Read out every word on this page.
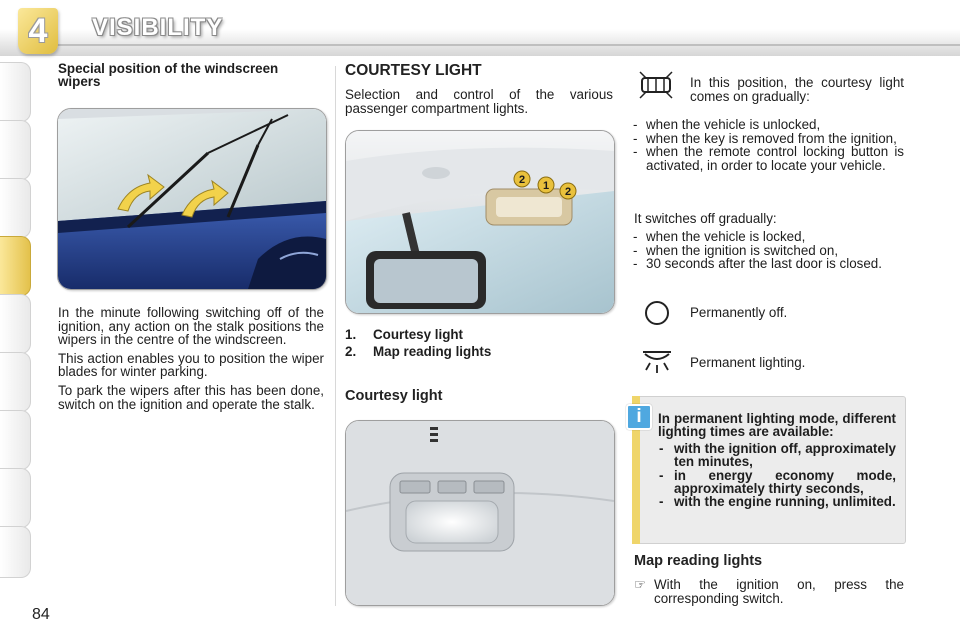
4	VISIBILITY
84
Special position of the windscreen wipers

In the minute following switching off of the ignition, any action on the stalk positions the wipers in the centre of the windscreen.

This action enables you to position the wiper blades for winter parking.

To park the wipers after this has been done, switch on the ignition and operate the stalk.

COURTESY LIGHT
Selection and control of the various passenger compartment lights.
2 1 2
1. Courtesy light
2. Map reading lights
Courtesy light
In this position, the courtesy light comes on gradually:
- when the vehicle is unlocked,
- when the key is removed from the ignition,
- when the remote control locking button is activated, in order to locate your vehicle.
It switches off gradually:
- when the vehicle is locked,
- when the ignition is switched on,
- 30 seconds after the last door is closed.
Permanently off.
Permanent lighting.
i	In permanent lighting mode, different lighting times are available:
- with the ignition off, approximately ten minutes,
- in energy economy mode, approximately thirty seconds,
- with the engine running, unlimited.
Map reading lights
☞ With the ignition on, press the corresponding switch.
